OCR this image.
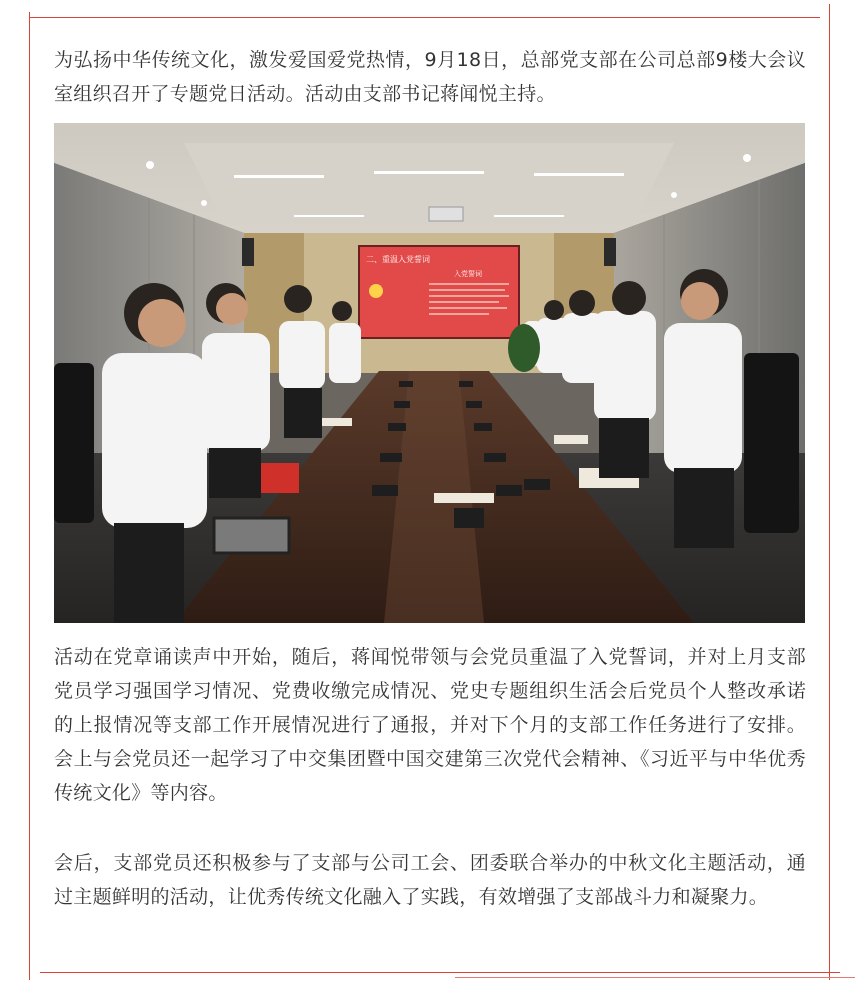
为弘扬中华传统文化，激发爱国爱党热情，9月18日，总部党支部在公司总部9楼大会议室组织召开了专题党日活动。活动由支部书记蒋闻悦主持。

二、重温入党誓词
入党誓词

活动在党章诵读声中开始，随后，蒋闻悦带领与会党员重温了入党誓词，并对上月支部党员学习强国学习情况、党费收缴完成情况、党史专题组织生活会后党员个人整改承诺的上报情况等支部工作开展情况进行了通报，并对下个月的支部工作任务进行了安排。会上与会党员还一起学习了中交集团暨中国交建第三次党代会精神、《习近平与中华优秀传统文化》等内容。

会后，支部党员还积极参与了支部与公司工会、团委联合举办的中秋文化主题活动，通过主题鲜明的活动，让优秀传统文化融入了实践，有效增强了支部战斗力和凝聚力。
